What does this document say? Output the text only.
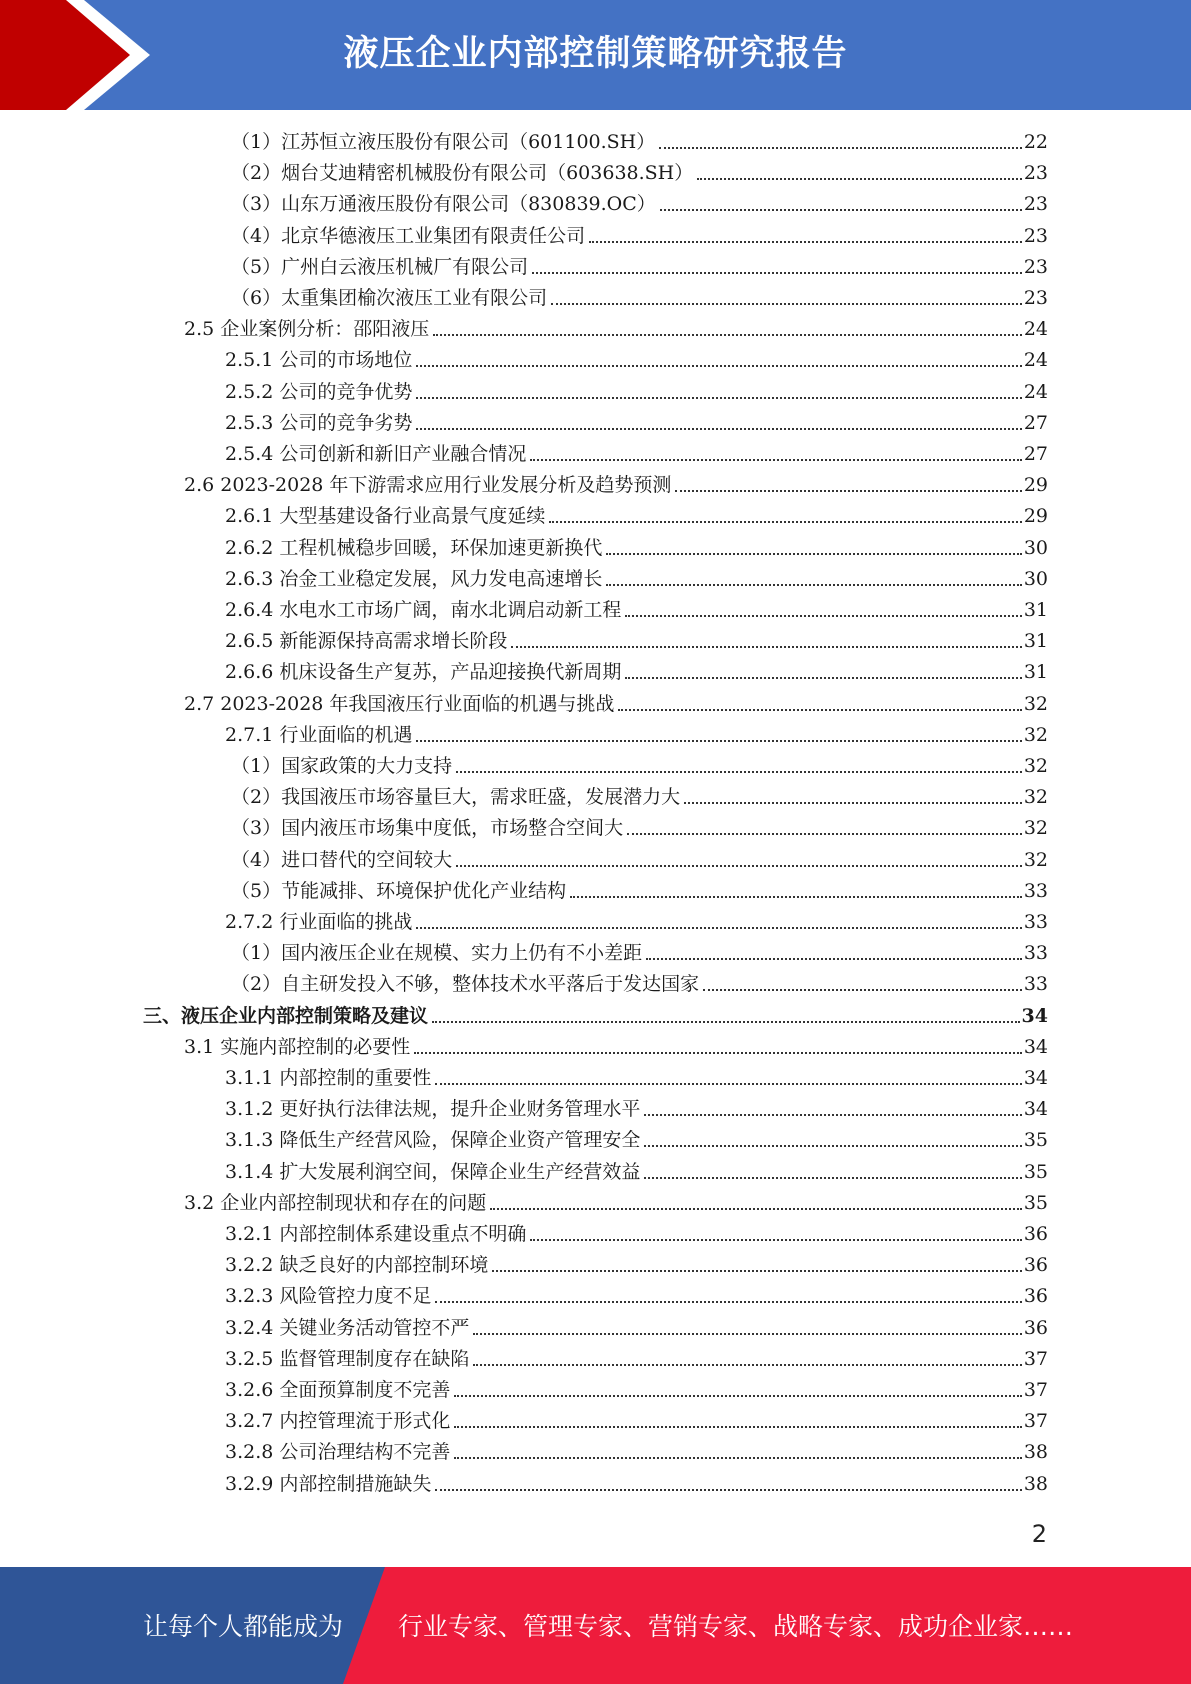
液压企业内部控制策略研究报告
（1）江苏恒立液压股份有限公司（601100.SH）	22
（2）烟台艾迪精密机械股份有限公司（603638.SH）	23
（3）山东万通液压股份有限公司（830839.OC）	23
（4）北京华德液压工业集团有限责任公司	23
（5）广州白云液压机械厂有限公司	23
（6）太重集团榆次液压工业有限公司	23
2.5 企业案例分析：邵阳液压	24
2.5.1 公司的市场地位	24
2.5.2 公司的竞争优势	24
2.5.3 公司的竞争劣势	27
2.5.4 公司创新和新旧产业融合情况	27
2.6 2023-2028 年下游需求应用行业发展分析及趋势预测	29
2.6.1 大型基建设备行业高景气度延续	29
2.6.2 工程机械稳步回暖，环保加速更新换代	30
2.6.3 冶金工业稳定发展，风力发电高速增长	30
2.6.4 水电水工市场广阔，南水北调启动新工程	31
2.6.5 新能源保持高需求增长阶段	31
2.6.6 机床设备生产复苏，产品迎接换代新周期	31
2.7 2023-2028 年我国液压行业面临的机遇与挑战	32
2.7.1 行业面临的机遇	32
（1）国家政策的大力支持	32
（2）我国液压市场容量巨大，需求旺盛，发展潜力大	32
（3）国内液压市场集中度低，市场整合空间大	32
（4）进口替代的空间较大	32
（5）节能减排、环境保护优化产业结构	33
2.7.2 行业面临的挑战	33
（1）国内液压企业在规模、实力上仍有不小差距	33
（2）自主研发投入不够，整体技术水平落后于发达国家	33
三、液压企业内部控制策略及建议	34
3.1 实施内部控制的必要性	34
3.1.1 内部控制的重要性	34
3.1.2 更好执行法律法规，提升企业财务管理水平	34
3.1.3 降低生产经营风险，保障企业资产管理安全	35
3.1.4 扩大发展利润空间，保障企业生产经营效益	35
3.2 企业内部控制现状和存在的问题	35
3.2.1 内部控制体系建设重点不明确	36
3.2.2 缺乏良好的内部控制环境	36
3.2.3 风险管控力度不足	36
3.2.4 关键业务活动管控不严	36
3.2.5 监督管理制度存在缺陷	37
3.2.6 全面预算制度不完善	37
3.2.7 内控管理流于形式化	37
3.2.8 公司治理结构不完善	38
3.2.9 内部控制措施缺失	38
2
让每个人都能成为 行业专家、管理专家、营销专家、战略专家、成功企业家……
